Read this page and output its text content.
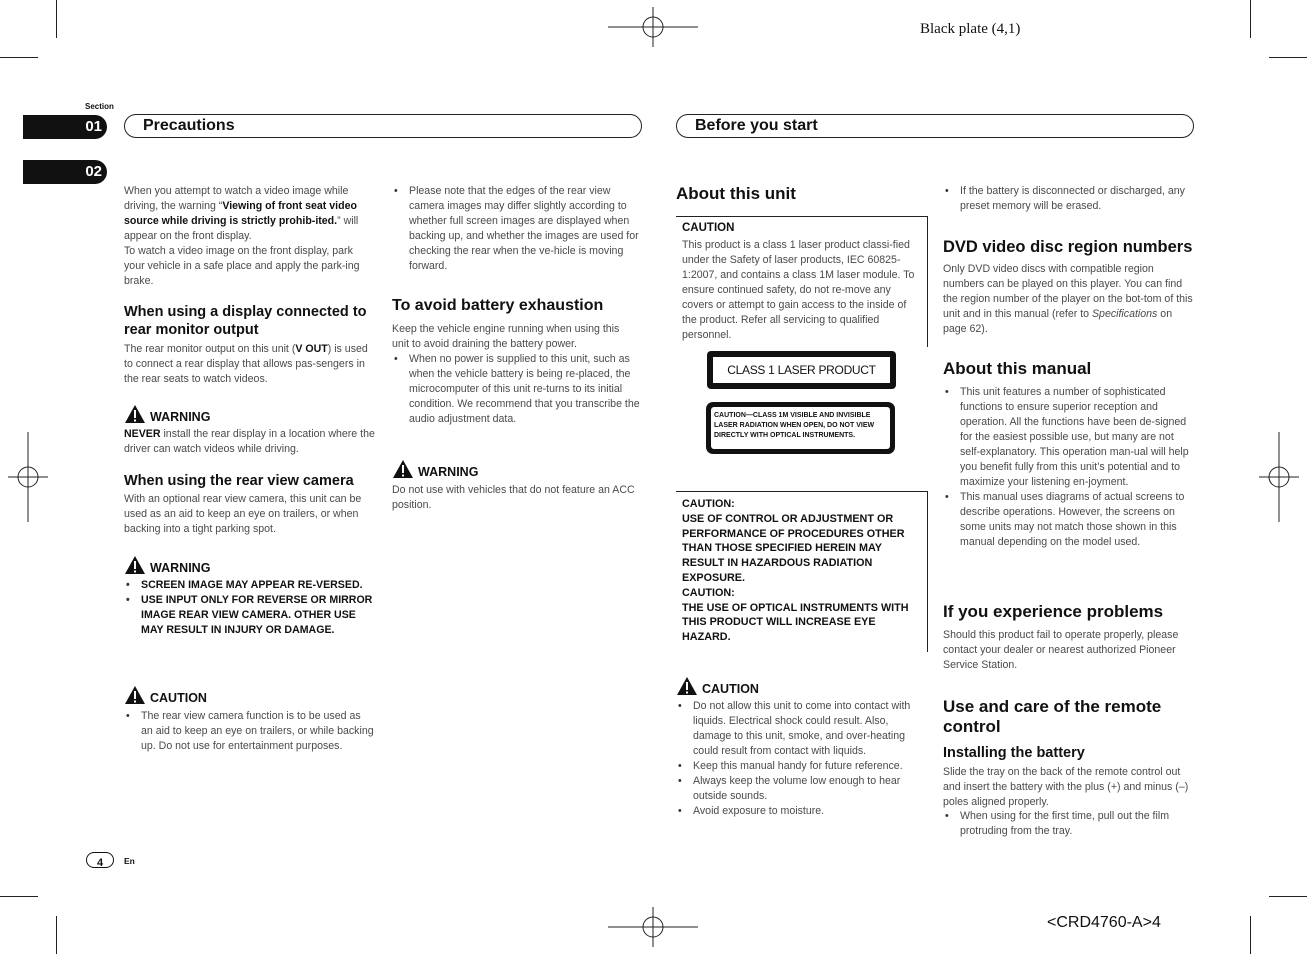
Black plate (4,1)
<CRD4760-A>4
Section
01
02
Precautions	Before you start

When you attempt to watch a video image while driving, the warning “Viewing of front seat video source while driving is strictly prohib-ited.” will appear on the front display.
To watch a video image on the front display, park your vehicle in a safe place and apply the park-ing brake.

When using a display connected to rear monitor output

The rear monitor output on this unit (V OUT) is used to connect a rear display that allows pas-sengers in the rear seats to watch videos.

WARNING

NEVER install the rear display in a location where the driver can watch videos while driving.

When using the rear view camera

With an optional rear view camera, this unit can be used as an aid to keep an eye on trailers, or when backing into a tight parking spot.

WARNING
• SCREEN IMAGE MAY APPEAR RE-VERSED.
• USE INPUT ONLY FOR REVERSE OR MIRROR IMAGE REAR VIEW CAMERA. OTHER USE MAY RESULT IN INJURY OR DAMAGE.
CAUTION
• The rear view camera function is to be used as an aid to keep an eye on trailers, or while backing up. Do not use for entertainment purposes.
• Please note that the edges of the rear view camera images may differ slightly according to whether full screen images are displayed when backing up, and whether the images are used for checking the rear when the ve-hicle is moving forward.
To avoid battery exhaustion

Keep the vehicle engine running when using this unit to avoid draining the battery power.

• When no power is supplied to this unit, such as when the vehicle battery is being re-placed, the microcomputer of this unit re-turns to its initial condition. We recommend that you transcribe the audio adjustment data.
WARNING

Do not use with vehicles that do not feature an ACC position.

About this unit
CAUTION

This product is a class 1 laser product classi-fied under the Safety of laser products, IEC 60825-1:2007, and contains a class 1M laser module. To ensure continued safety, do not re-move any covers or attempt to gain access to the inside of the product. Refer all servicing to qualified personnel.

CLASS 1 LASER PRODUCT
CAUTION—CLASS 1M VISIBLE AND INVISIBLE
LASER RADIATION WHEN OPEN, DO NOT VIEW
DIRECTLY WITH OPTICAL INSTRUMENTS.

CAUTION:
USE OF CONTROL OR ADJUSTMENT OR PERFORMANCE OF PROCEDURES OTHER THAN THOSE SPECIFIED HEREIN MAY RESULT IN HAZARDOUS RADIATION EXPOSURE.
CAUTION:
THE USE OF OPTICAL INSTRUMENTS WITH THIS PRODUCT WILL INCREASE EYE HAZARD.

CAUTION
• Do not allow this unit to come into contact with liquids. Electrical shock could result. Also, damage to this unit, smoke, and over-heating could result from contact with liquids.
• Keep this manual handy for future reference.
• Always keep the volume low enough to hear outside sounds.
• Avoid exposure to moisture.
• If the battery is disconnected or discharged, any preset memory will be erased.
DVD video disc region numbers

Only DVD video discs with compatible region numbers can be played on this player. You can find the region number of the player on the bot-tom of this unit and in this manual (refer to Specifications on page 62).

About this manual
• This unit features a number of sophisticated functions to ensure superior reception and operation. All the functions have been de-signed for the easiest possible use, but many are not self-explanatory. This operation man-ual will help you benefit fully from this unit’s potential and to maximize your listening en-joyment.
• This manual uses diagrams of actual screens to describe operations. However, the screens on some units may not match those shown in this manual depending on the model used.
If you experience problems

Should this product fail to operate properly, please contact your dealer or nearest authorized Pioneer Service Station.

Use and care of the remote control
Installing the battery

Slide the tray on the back of the remote control out and insert the battery with the plus (+) and minus (–) poles aligned properly.

• When using for the first time, pull out the film protruding from the tray.
4	En
